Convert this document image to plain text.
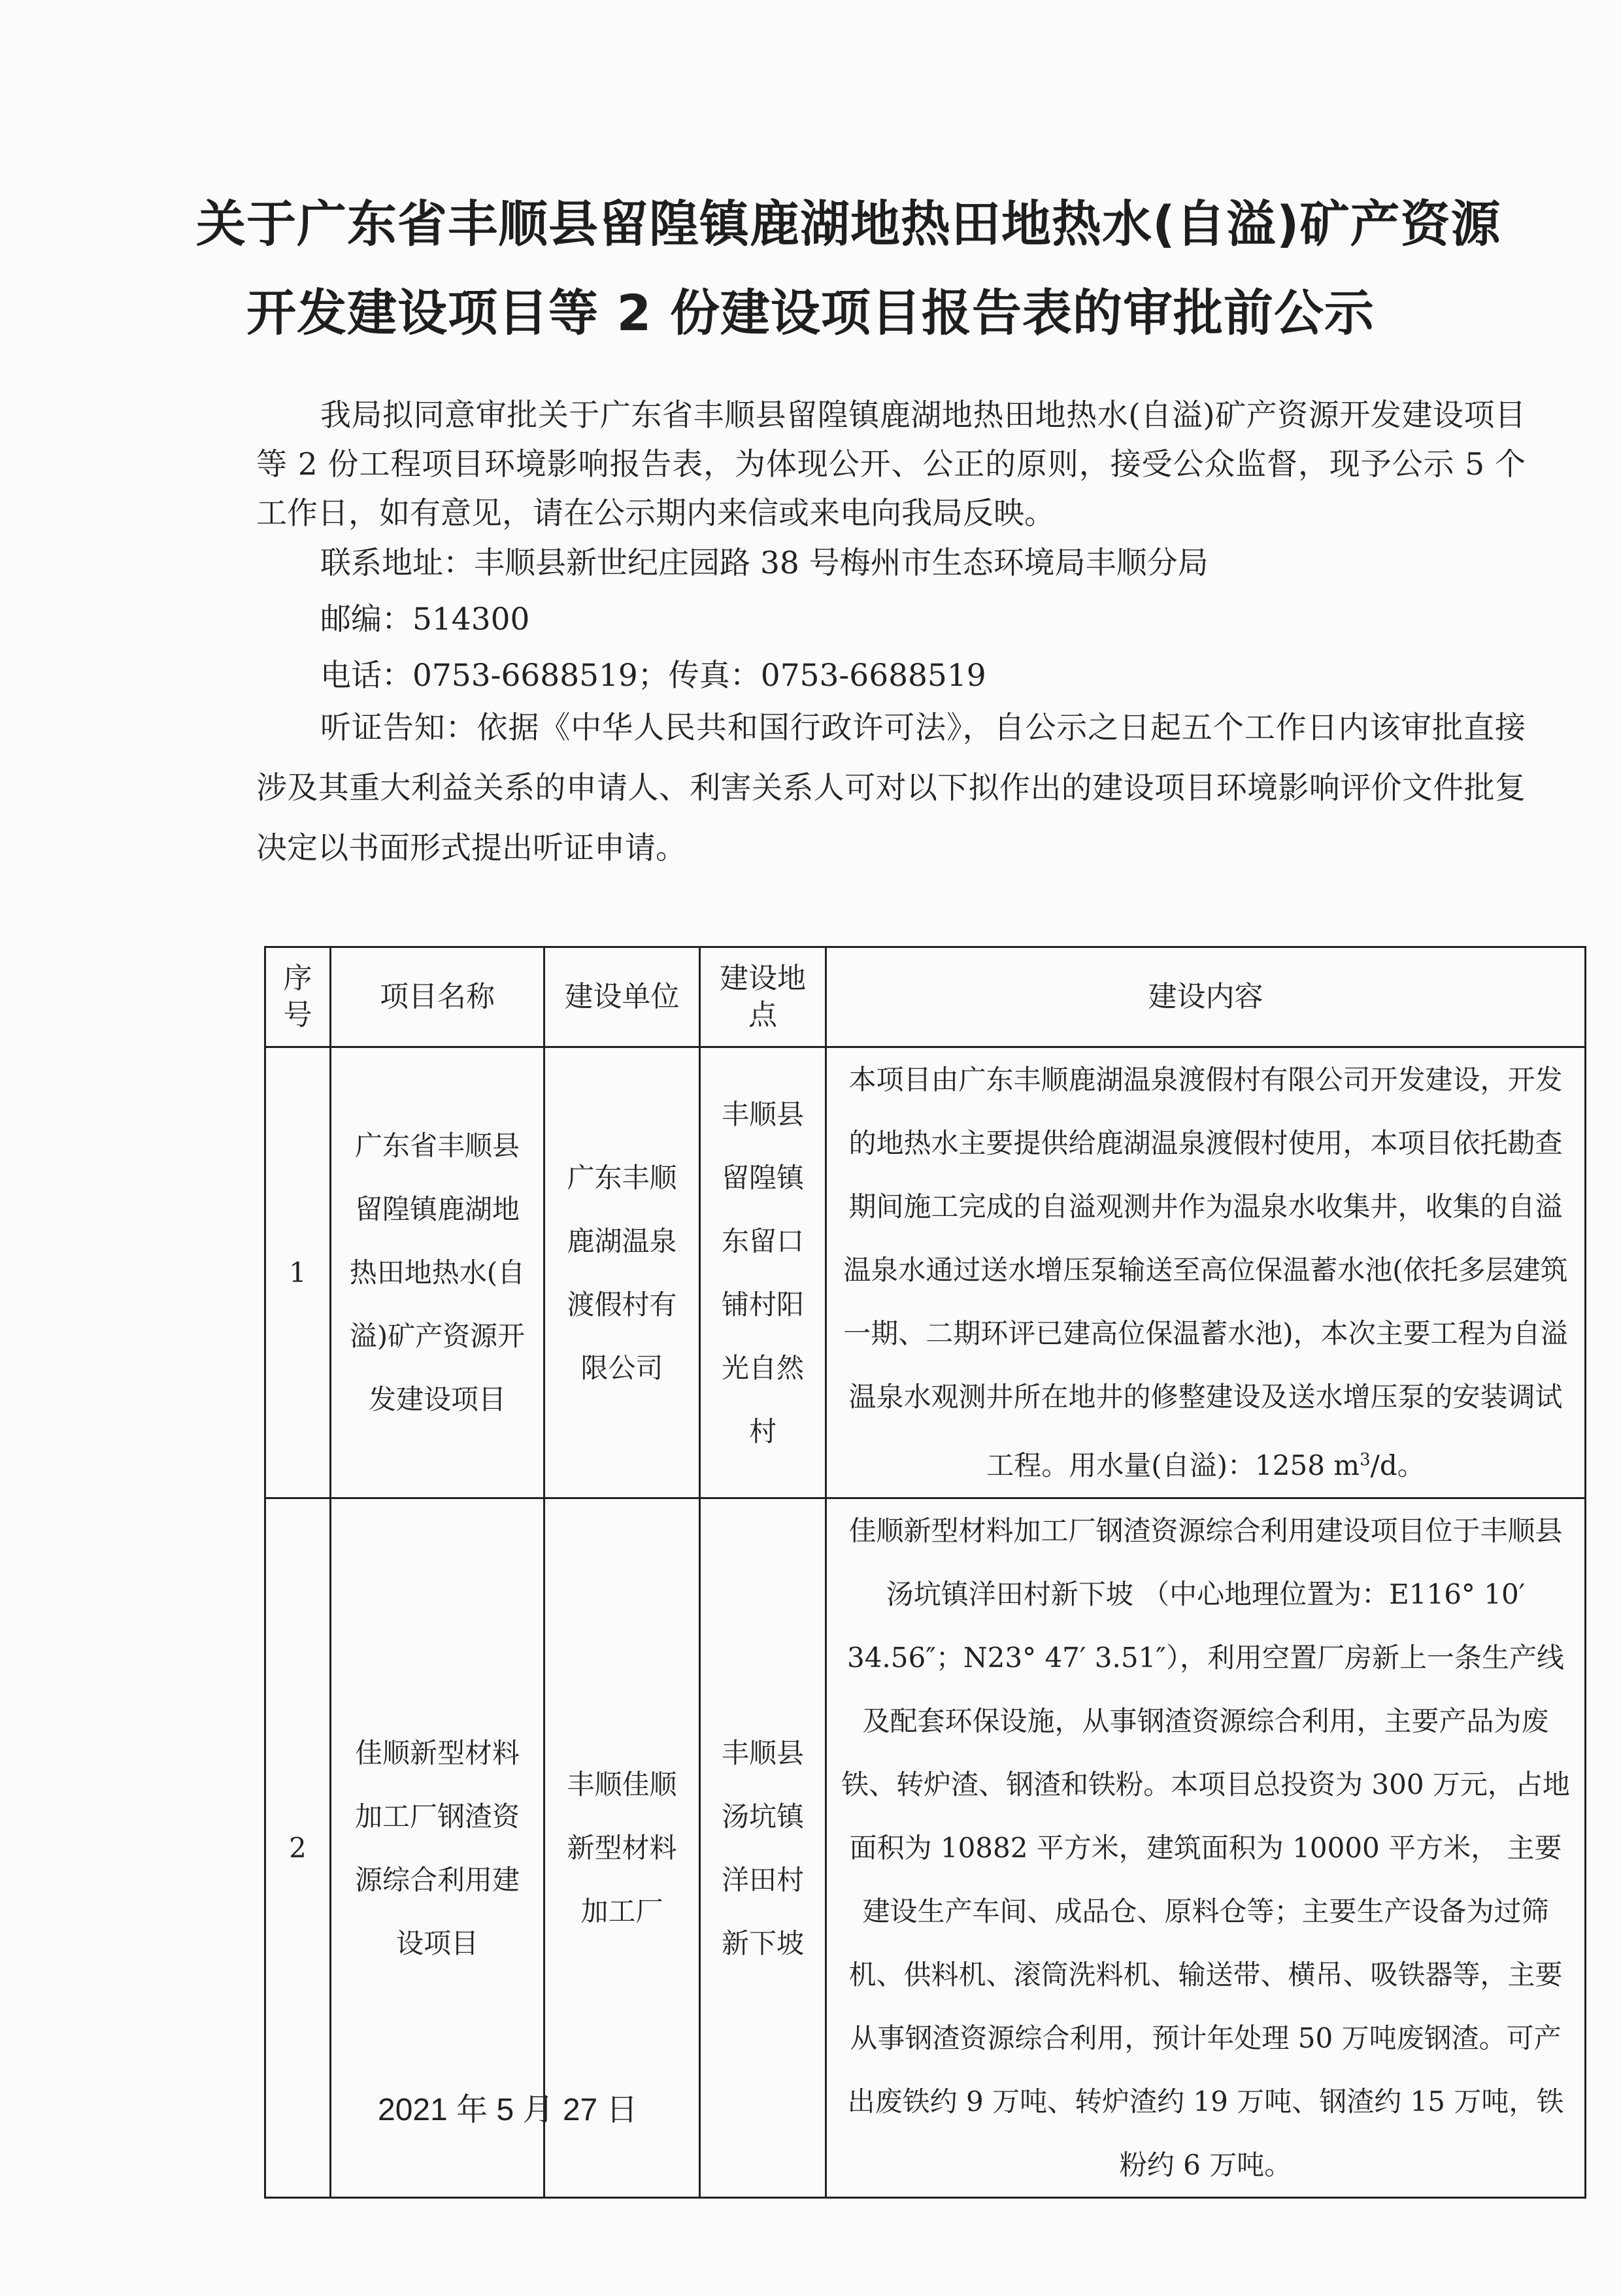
关于广东省丰顺县留隍镇鹿湖地热田地热水(自溢)矿产资源
开发建设项目等 2 份建设项目报告表的审批前公示

我局拟同意审批关于广东省丰顺县留隍镇鹿湖地热田地热水(自溢)矿产资源开发建设项目等 2 份工程项目环境影响报告表，为体现公开、公正的原则，接受公众监督，现予公示 5 个工作日，如有意见，请在公示期内来信或来电向我局反映。

联系地址：丰顺县新世纪庄园路 38 号梅州市生态环境局丰顺分局

邮编：514300

电话：0753-6688519；传真：0753-6688519

听证告知：依据《中华人民共和国行政许可法》，自公示之日起五个工作日内该审批直接涉及其重大利益关系的申请人、利害关系人可对以下拟作出的建设项目环境影响评价文件批复决定以书面形式提出听证申请。

序号	项目名称	建设单位	建设地点	建设内容
1	广东省丰顺县留隍镇鹿湖地热田地热水(自溢)矿产资源开发建设项目	广东丰顺鹿湖温泉渡假村有限公司	丰顺县留隍镇东留口铺村阳光自然村	本项目由广东丰顺鹿湖温泉渡假村有限公司开发建设，开发的地热水主要提供给鹿湖温泉渡假村使用，本项目依托勘查期间施工完成的自溢观测井作为温泉水收集井，收集的自溢温泉水通过送水增压泵输送至高位保温蓄水池(依托多层建筑一期、二期环评已建高位保温蓄水池)，本次主要工程为自溢温泉水观测井所在地井的修整建设及送水增压泵的安装调试工程。用水量(自溢)：1258 $m^3/d$。
2	佳顺新型材料加工厂钢渣资源综合利用建设项目	丰顺佳顺新型材料加工厂	丰顺县汤坑镇洋田村新下坡	佳顺新型材料加工厂钢渣资源综合利用建设项目位于丰顺县汤坑镇洋田村新下坡 （中心地理位置为：E116° 10′ 34.56″；N23° 47′ 3.51″），利用空置厂房新上一条生产线及配套环保设施，从事钢渣资源综合利用，主要产品为废铁、转炉渣、钢渣和铁粉。本项目总投资为 300 万元，占地面积为 10882 平方米，建筑面积为 10000 平方米， 主要建设生产车间、成品仓、原料仓等；主要生产设备为过筛机、供料机、滚筒洗料机、输送带、横吊、吸铁器等，主要从事钢渣资源综合利用，预计年处理 50 万吨废钢渣。可产出废铁约 9 万吨、转炉渣约 19 万吨、钢渣约 15 万吨，铁粉约 6 万吨。
2021 年 5 月 27 日
